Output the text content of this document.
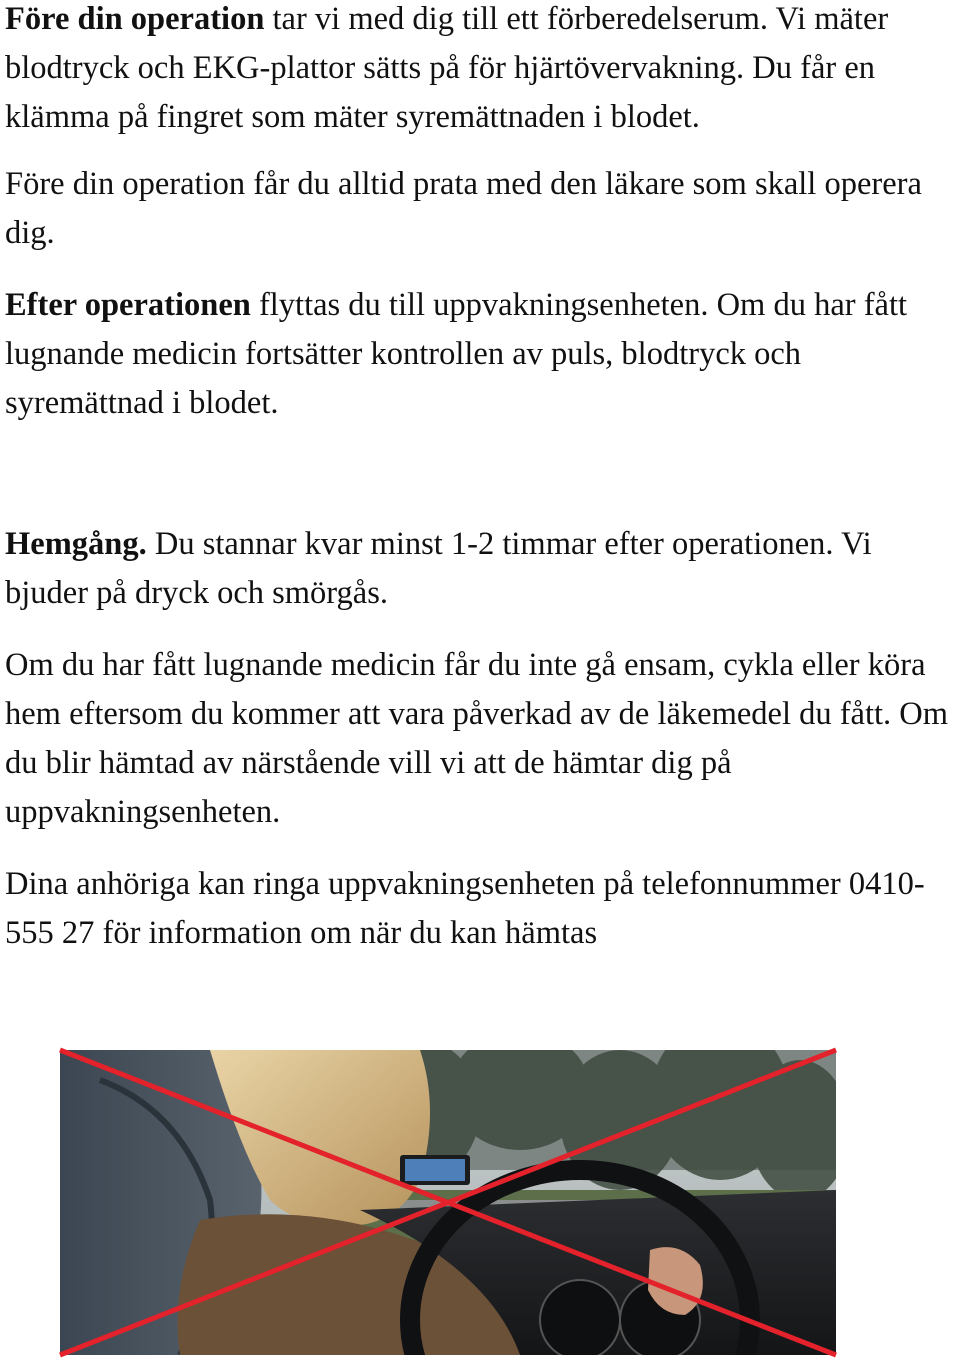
Före din operation tar vi med dig till ett förberedelserum. Vi mäter blodtryck och EKG-plattor sätts på för hjärtövervakning. Du får en klämma på fingret som mäter syremättnaden i blodet.

Före din operation får du alltid prata med den läkare som skall operera dig.

Efter operationen flyttas du till uppvakningsenheten. Om du har fått lugnande medicin fortsätter kontrollen av puls, blodtryck och syremättnad i blodet.

Hemgång. Du stannar kvar minst 1-2 timmar efter operationen. Vi bjuder på dryck och smörgås.

Om du har fått lugnande medicin får du inte gå ensam, cykla eller köra hem eftersom du kommer att vara påverkad av de läkemedel du fått. Om du blir hämtad av närstående vill vi att de hämtar dig på uppvakningsenheten.

Dina anhöriga kan ringa uppvakningsenheten på telefonnummer 0410-555 27 för information om när du kan hämtas
